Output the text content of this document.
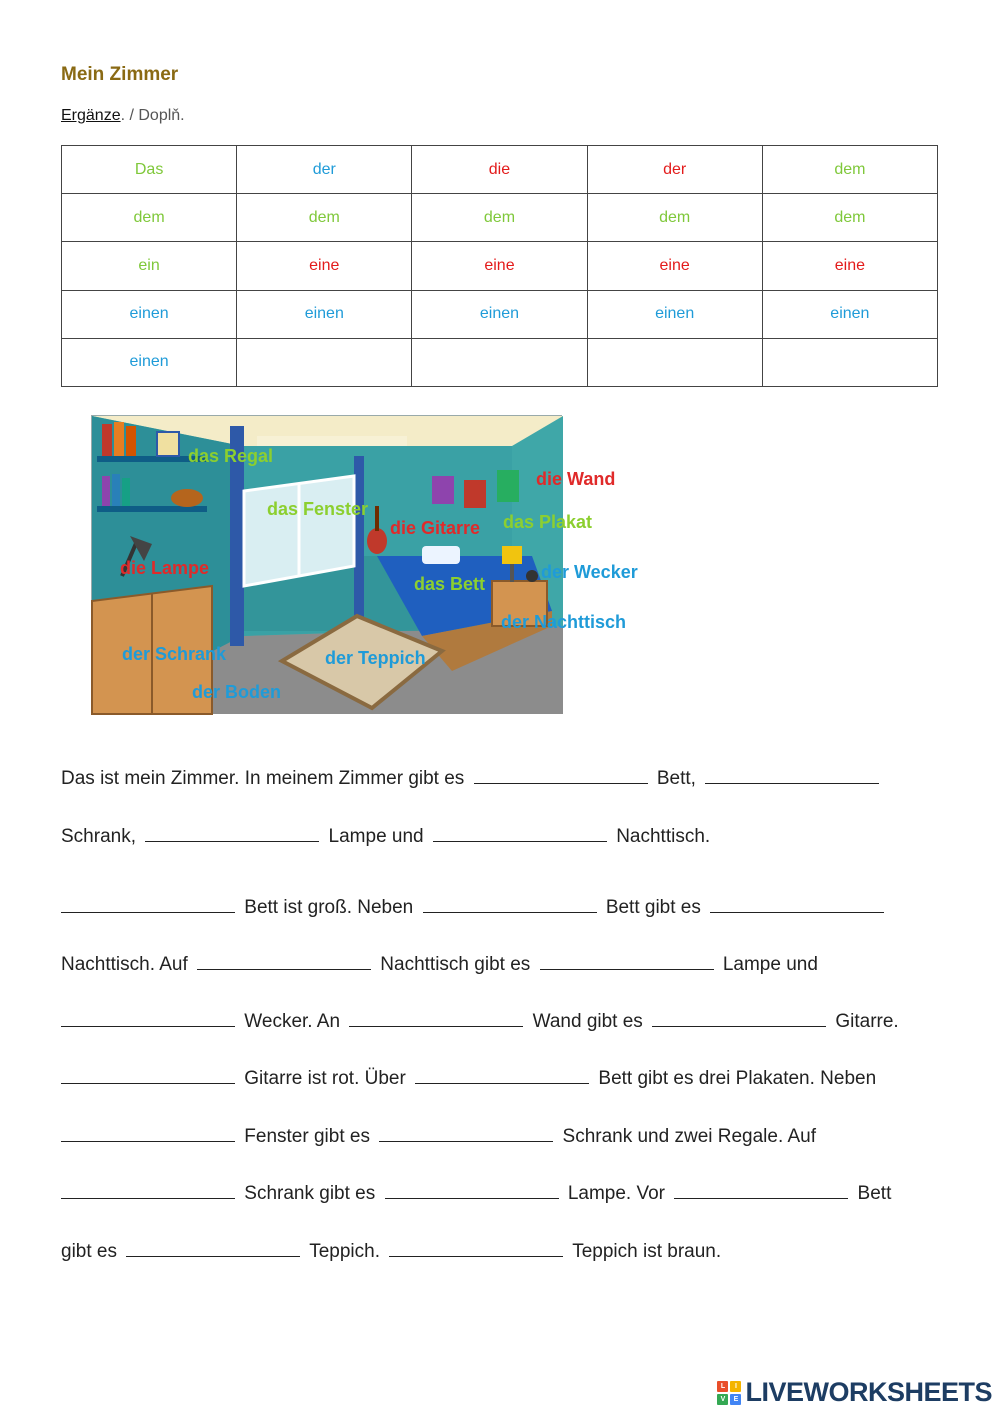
Mein Zimmer
Ergänze. / Doplň.
Das	der	die	der	dem
dem	dem	dem	dem	dem
ein	eine	eine	eine	eine
einen	einen	einen	einen	einen
einen				
das Regal
die Wand
das Fenster
die Gitarre das Plakat
die Lampe
das Bett
der Wecker
der Nachttisch
der Schrank	der Teppich
der Boden
Das ist mein Zimmer. In meinem Zimmer gibt es	Bett,
Schrank,	Lampe und	Nachttisch.
Bett ist groß. Neben	Bett gibt es
Nachttisch. Auf	Nachttisch gibt es	Lampe und
Wecker. An	Wand gibt es	Gitarre.
Gitarre ist rot. Über	Bett gibt es drei Plakaten. Neben
Fenster gibt es	Schrank und zwei Regale. Auf
Schrank gibt es	Lampe. Vor	Bett
gibt es	Teppich.	Teppich ist braun.
L	I
V	E LIVEWORKSHEETS
